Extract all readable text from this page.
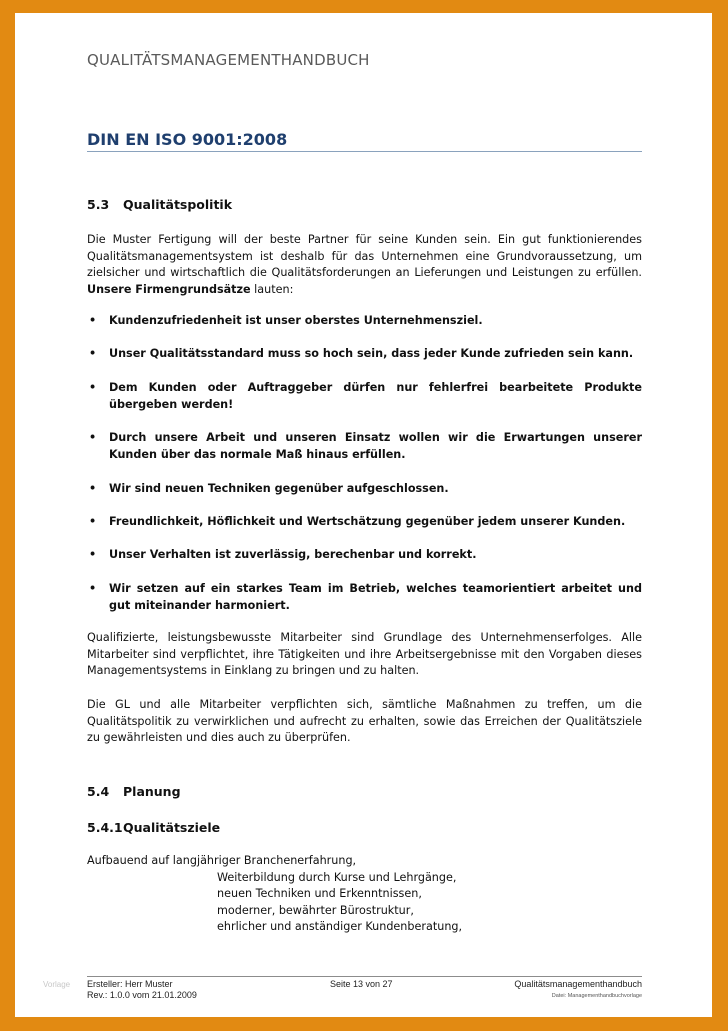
QUALITÄTSMANAGEMENTHANDBUCH
DIN EN ISO 9001:2008
5.3 Qualitätspolitik
Die Muster Fertigung will der beste Partner für seine Kunden sein. Ein gut funktionierendes Qualitätsmanagementsystem ist deshalb für das Unternehmen eine Grundvoraussetzung, um zielsicher und wirtschaftlich die Qualitätsforderungen an Lieferungen und Leistungen zu erfüllen. Unsere Firmengrundsätze lauten:
• Kundenzufriedenheit ist unser oberstes Unternehmensziel.
• Unser Qualitätsstandard muss so hoch sein, dass jeder Kunde zufrieden sein kann.
• Dem Kunden oder Auftraggeber dürfen nur fehlerfrei bearbeitete Produkte übergeben werden!
• Durch unsere Arbeit und unseren Einsatz wollen wir die Erwartungen unserer Kunden über das normale Maß hinaus erfüllen.
• Wir sind neuen Techniken gegenüber aufgeschlossen.
• Freundlichkeit, Höflichkeit und Wertschätzung gegenüber jedem unserer Kunden.
• Unser Verhalten ist zuverlässig, berechenbar und korrekt.
• Wir setzen auf ein starkes Team im Betrieb, welches teamorientiert arbeitet und gut miteinander harmoniert.
Qualifizierte, leistungsbewusste Mitarbeiter sind Grundlage des Unternehmenserfolges. Alle Mitarbeiter sind verpflichtet, ihre Tätigkeiten und ihre Arbeitsergebnisse mit den Vorgaben dieses Managementsystems in Einklang zu bringen und zu halten.
Die GL und alle Mitarbeiter verpflichten sich, sämtliche Maßnahmen zu treffen, um die Qualitätspolitik zu verwirklichen und aufrecht zu erhalten, sowie das Erreichen der Qualitätsziele zu gewährleisten und dies auch zu überprüfen.
5.4 Planung
5.4.1Qualitätsziele
Aufbauend auf langjähriger Branchenerfahrung,
Weiterbildung durch Kurse und Lehrgänge,
neuen Techniken und Erkenntnissen,
moderner, bewährter Bürostruktur,
ehrlicher und anständiger Kundenberatung,
Vorlage Ersteller: Herr Muster
Rev.: 1.0.0 vom 21.01.2009
Seite 13 von 27	Qualitätsmanagementhandbuch
Datei: Managementhandbuchvorlage
